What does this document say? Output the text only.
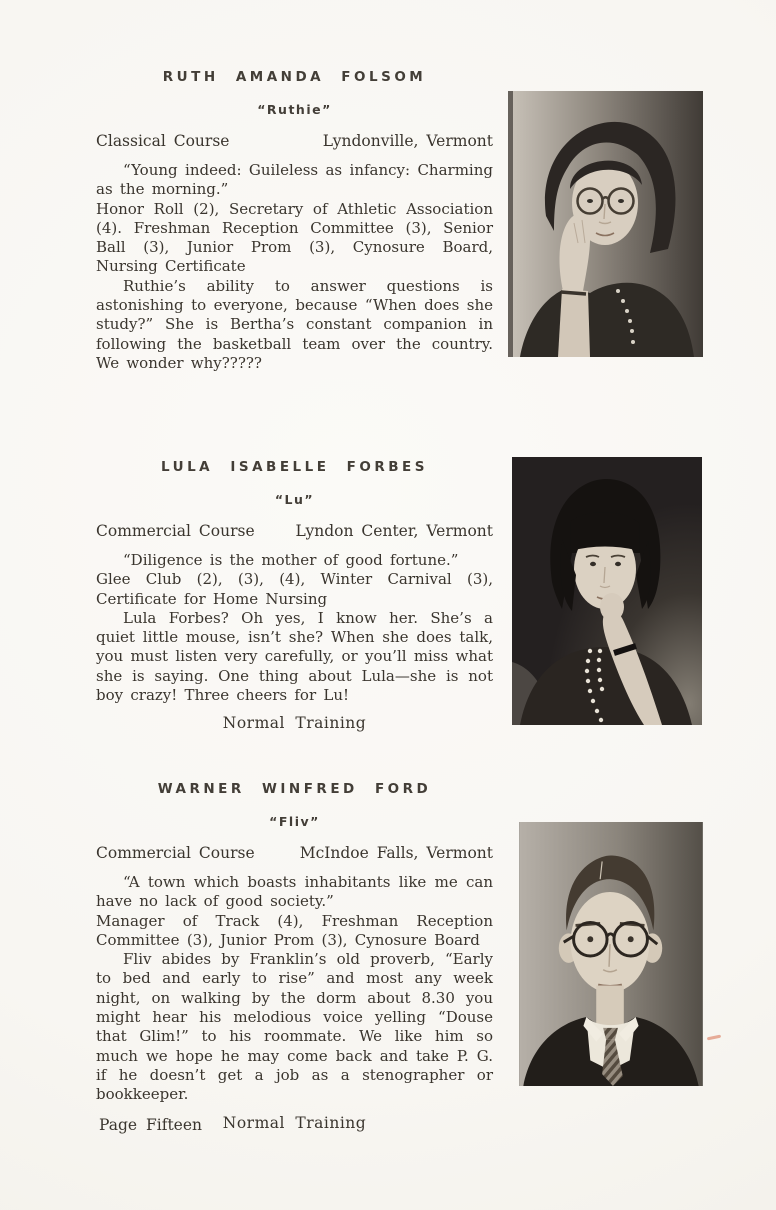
RUTH AMANDA FOLSOM
“Ruthie”
Classical Course	Lyndonville, Vermont

“Young indeed: Guileless as infancy: Charming as the morning.”

Honor Roll (2), Secretary of Athletic Association (4). Freshman Reception Committee (3), Senior Ball (3), Junior Prom (3), Cynosure Board, Nursing Certificate

Ruthie’s ability to answer questions is astonishing to everyone, because “When does she study?” She is Bertha’s constant companion in following the basketball team over the country. We wonder why?????

LULA ISABELLE FORBES
“Lu”
Commercial Course	Lyndon Center, Vermont

“Diligence is the mother of good fortune.”

Glee Club (2), (3), (4), Winter Carnival (3), Certificate for Home Nursing

Lula Forbes? Oh yes, I know her. She’s a quiet little mouse, isn’t she? When she does talk, you must listen very carefully, or you’ll miss what she is saying. One thing about Lula—she is not boy crazy! Three cheers for Lu!

Normal Training
WARNER WINFRED FORD
“Fliv”
Commercial Course	McIndoe Falls, Vermont

“A town which boasts inhabitants like me can have no lack of good society.”

Manager of Track (4), Freshman Reception Committee (3), Junior Prom (3), Cynosure Board

Fliv abides by Franklin’s old proverb, “Early to bed and early to rise” and most any week night, on walking by the dorm about 8.30 you might hear his melodious voice yelling “Douse that Glim!” to his roommate. We like him so much we hope he may come back and take P. G. if he doesn’t get a job as a stenographer or bookkeeper.

Normal Training
Page Fifteen
